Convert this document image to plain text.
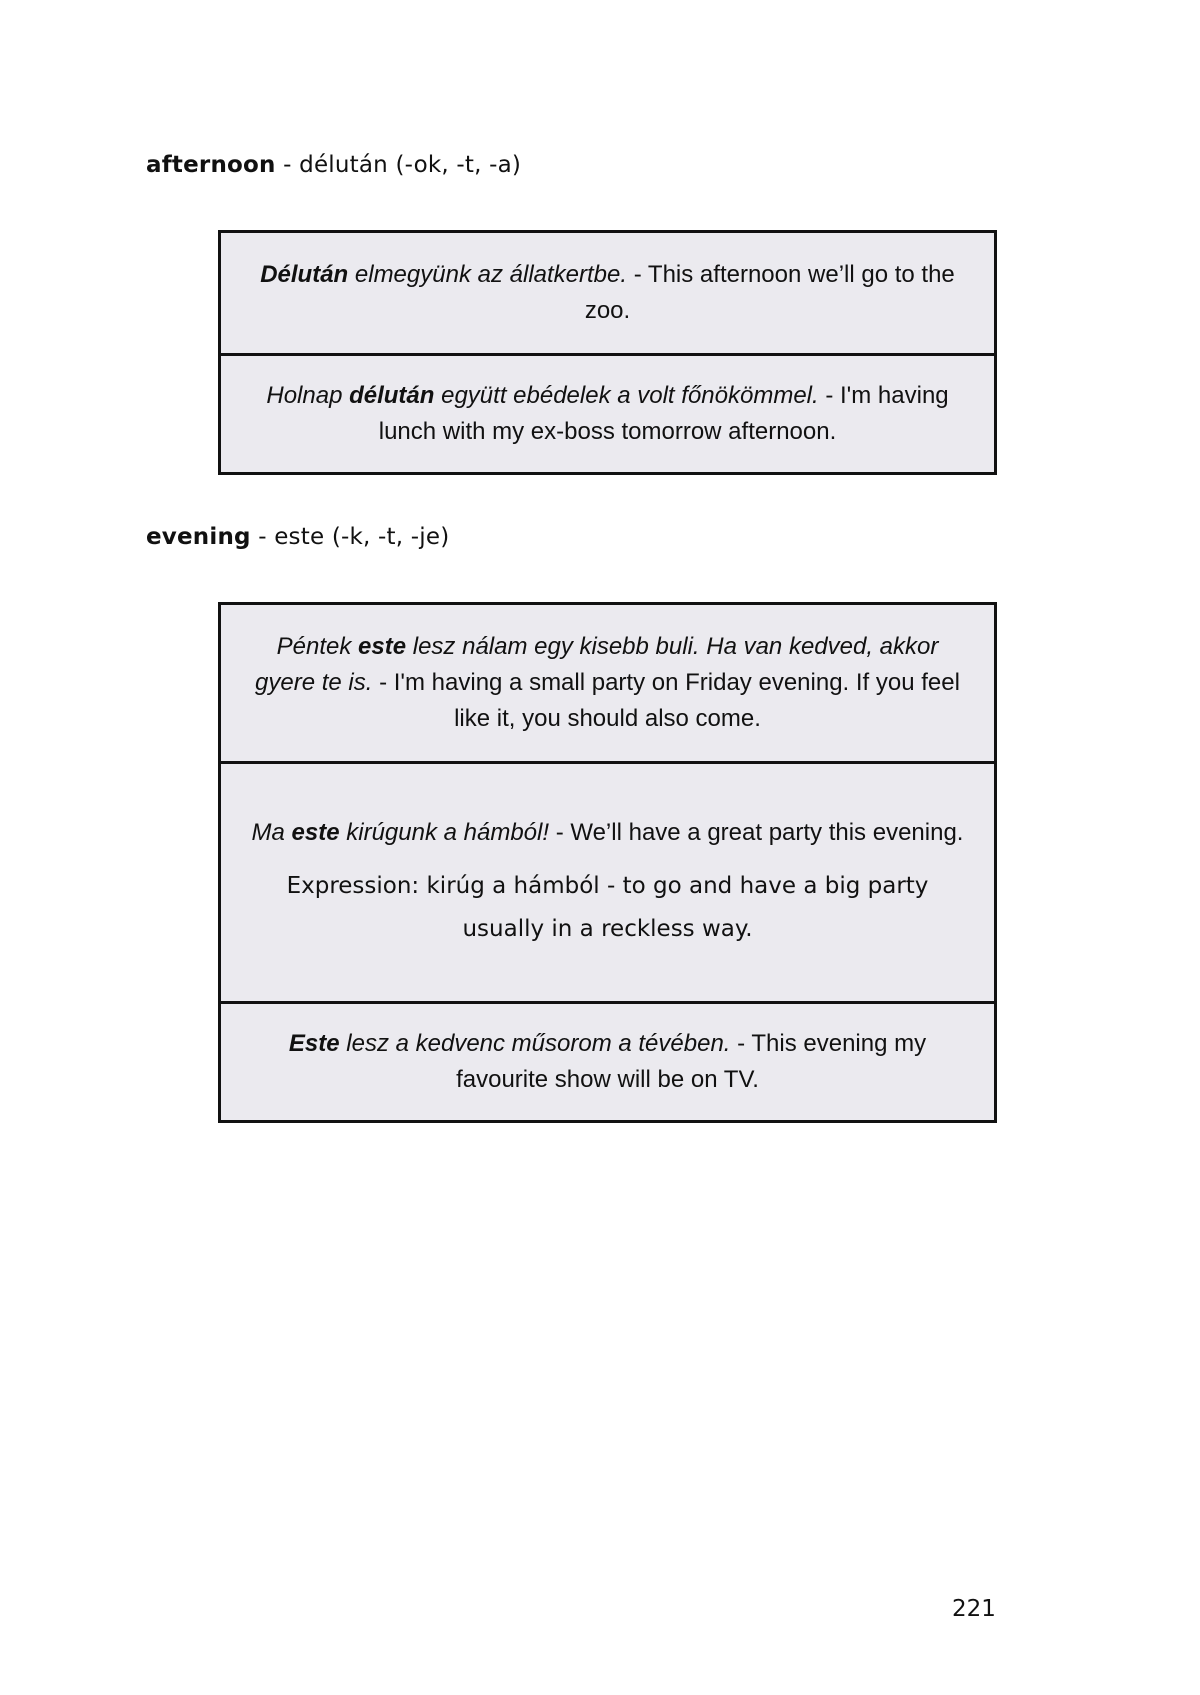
afternoon - délután (-ok, -t, -a)
Délután elmegyünk az állatkertbe. - This afternoon we’ll go to the zoo.
Holnap délután együtt ebédelek a volt főnökömmel. - I'm having lunch with my ex-boss tomorrow afternoon.
evening - este (-k, -t, -je)
Péntek este lesz nálam egy kisebb buli. Ha van kedved, akkor gyere te is. - I'm having a small party on Friday evening. If you feel like it, you should also come.
Ma este kirúgunk a hámból! - We’ll have a great party this evening.
Expression: kirúg a hámból - to go and have a big party usually in a reckless way.
Este lesz a kedvenc műsorom a tévében. - This evening my favourite show will be on TV.
221
